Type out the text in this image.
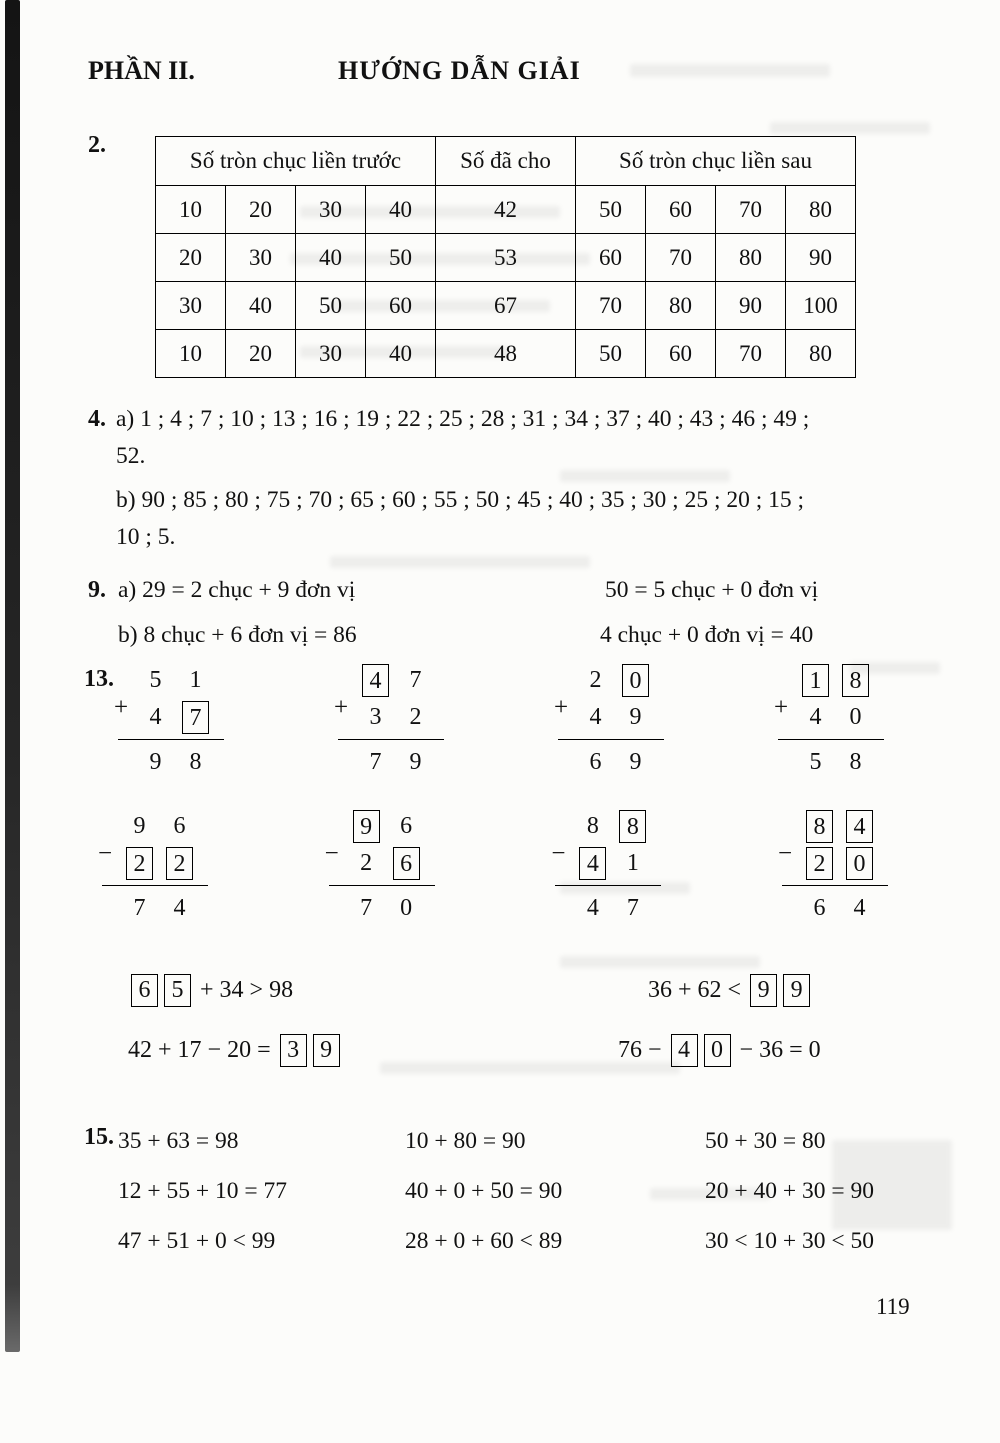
PHẦN II.	HƯỚNG DẪN GIẢI
2.
Số tròn chục liền trước				Số đã cho	Số tròn chục liền sau			
10	20	30	40	42	50	60	70	80
20	30	40	50	53	60	70	80	90
30	40	50	60	67	70	80	90	100
10	20	30	40	48	50	60	70	80
4. a) 1 ; 4 ; 7 ; 10 ; 13 ; 16 ; 19 ; 22 ; 25 ; 28 ; 31 ; 34 ; 37 ; 40 ; 43 ; 46 ; 49 ;
52.
b) 90 ; 85 ; 80 ; 75 ; 70 ; 65 ; 60 ; 55 ; 50 ; 45 ; 40 ; 35 ; 30 ; 25 ; 20 ; 15 ;
10 ; 5.
9. a) 29 = 2 chục + 9 đơn vị	50 = 5 chục + 0 đơn vị
b) 8 chục + 6 đơn vị = 86	4 chục + 0 đơn vị = 40
13.
+
5	1
4	7
9	8
+
4	7
3	2
7	9
+
2	0
4	9
6	9
+
1	8
4	0
5	8
−
9	6
2	2
7	4
−
9	6
2	6
7	0
−
8	8
4	1
4	7
−
8	4
2	0
6	4
6 5 + 34 > 98	36 + 62 < 9 9
42 + 17 − 20 = 3 9	76 − 4 0 − 36 = 0
15. 35 + 63 = 98	10 + 80 = 90	50 + 30 = 80
12 + 55 + 10 = 77	40 + 0 + 50 = 90	20 + 40 + 30 = 90
47 + 51 + 0 < 99	28 + 0 + 60 < 89	30 < 10 + 30 < 50
119
